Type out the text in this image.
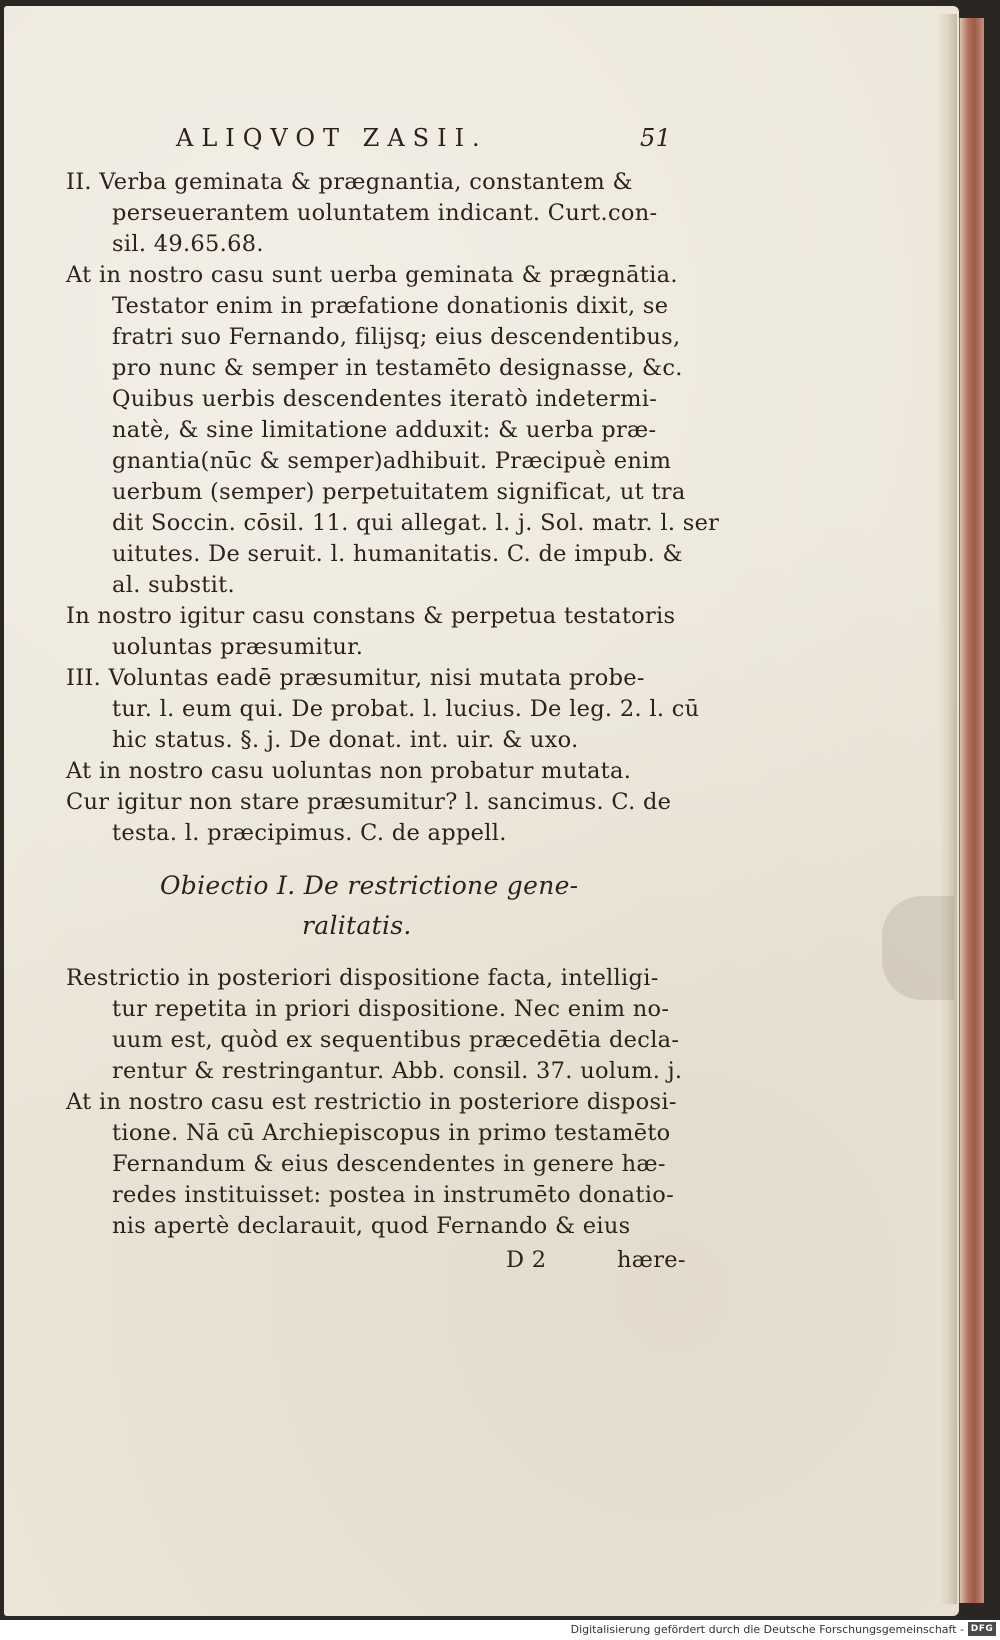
ALIQVOT ZASII.	51
II. Verba geminata & prægnantia, constantem &
perseuerantem uoluntatem indicant. Curt.con-
sil. 49.65.68.
At in nostro casu sunt uerba geminata & prægnātia.
Testator enim in præfatione donationis dixit, se
fratri suo Fernando, filijsq; eius descendentibus,
pro nunc & semper in testamēto designasse, &c.
Quibus uerbis descendentes iteratò indetermi-
natè, & sine limitatione adduxit: & uerba præ-
gnantia(nūc & semper)adhibuit. Præcipuè enim
uerbum (semper) perpetuitatem significat, ut tra
dit Soccin. cōsil. 11. qui allegat. l. j. Sol. matr. l. ser
uitutes. De seruit. l. humanitatis. C. de impub. &
al. substit.
In nostro igitur casu constans & perpetua testatoris
uoluntas præsumitur.
III. Voluntas eadē præsumitur, nisi mutata probe-
tur. l. eum qui. De probat. l. lucius. De leg. 2. l. cū
hic status. §. j. De donat. int. uir. & uxo.
At in nostro casu uoluntas non probatur mutata.
Cur igitur non stare præsumitur? l. sancimus. C. de
testa. l. præcipimus. C. de appell.
Obiectio I. De restrictione gene-
ralitatis.
Restrictio in posteriori dispositione facta, intelligi-
tur repetita in priori dispositione. Nec enim no-
uum est, quòd ex sequentibus præcedētia decla-
rentur & restringantur. Abb. consil. 37. uolum. j.
At in nostro casu est restrictio in posteriore disposi-
tione. Nā cū Archiepiscopus in primo testamēto
Fernandum & eius descendentes in genere hæ-
redes instituisset: postea in instrumēto donatio-
nis apertè declarauit, quod Fernando & eius
D 2	hære-
Digitalisierung gefördert durch die Deutsche Forschungsgemeinschaft - DFG
